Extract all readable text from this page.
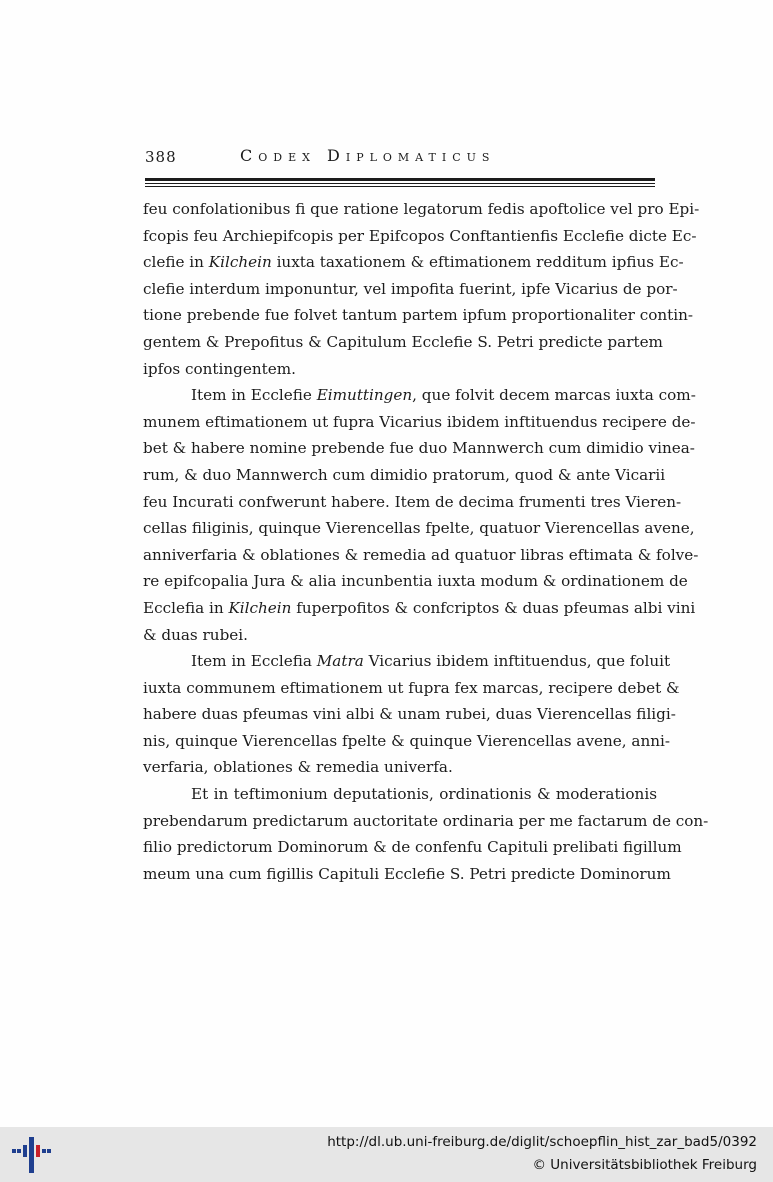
388	Codex Diplomaticus

feu confolationibus fi que ratione legatorum fedis apoftolice vel pro Epi-
fcopis feu Archiepifcopis per Epifcopos Conftantienfis Ecclefie dicte Ec-
clefie in Kilchein iuxta taxationem & eftimationem redditum ipfius Ec-
clefie interdum imponuntur, vel impofita fuerint, ipfe Vicarius de por-
tione prebende fue folvet tantum partem ipfum proportionaliter contin-
gentem & Prepofitus & Capitulum Ecclefie S. Petri predicte partem
ipfos contingentem.

Item in Ecclefie Eimuttingen, que folvit decem marcas iuxta com-
munem eftimationem ut fupra Vicarius ibidem inftituendus recipere de-
bet & habere nomine prebende fue duo Mannwerch cum dimidio vinea-
rum, & duo Mannwerch cum dimidio pratorum, quod & ante Vicarii
feu Incurati confwerunt habere. Item de decima frumenti tres Vieren-
cellas filiginis, quinque Vierencellas fpelte, quatuor Vierencellas avene,
anniverfaria & oblationes & remedia ad quatuor libras eftimata & folve-
re epifcopalia Jura & alia incunbentia iuxta modum & ordinationem de
Ecclefia in Kilchein fuperpofitos & confcriptos & duas pfeumas albi vini
& duas rubei.

Item in Ecclefia Matra Vicarius ibidem inftituendus, que foluit
iuxta communem eftimationem ut fupra fex marcas, recipere debet &
habere duas pfeumas vini albi & unam rubei, duas Vierencellas filigi-
nis, quinque Vierencellas fpelte & quinque Vierencellas avene, anni-
verfaria, oblationes & remedia univerfa.

Et in teftimonium deputationis, ordinationis & moderationis
prebendarum predictarum auctoritate ordinaria per me factarum de con-
filio predictorum Dominorum & de confenfu Capituli prelibati figillum
meum una cum figillis Capituli Ecclefie S. Petri predicte Dominorum

http://dl.ub.uni-freiburg.de/diglit/schoepflin_hist_zar_bad5/0392
© Universitätsbibliothek Freiburg
